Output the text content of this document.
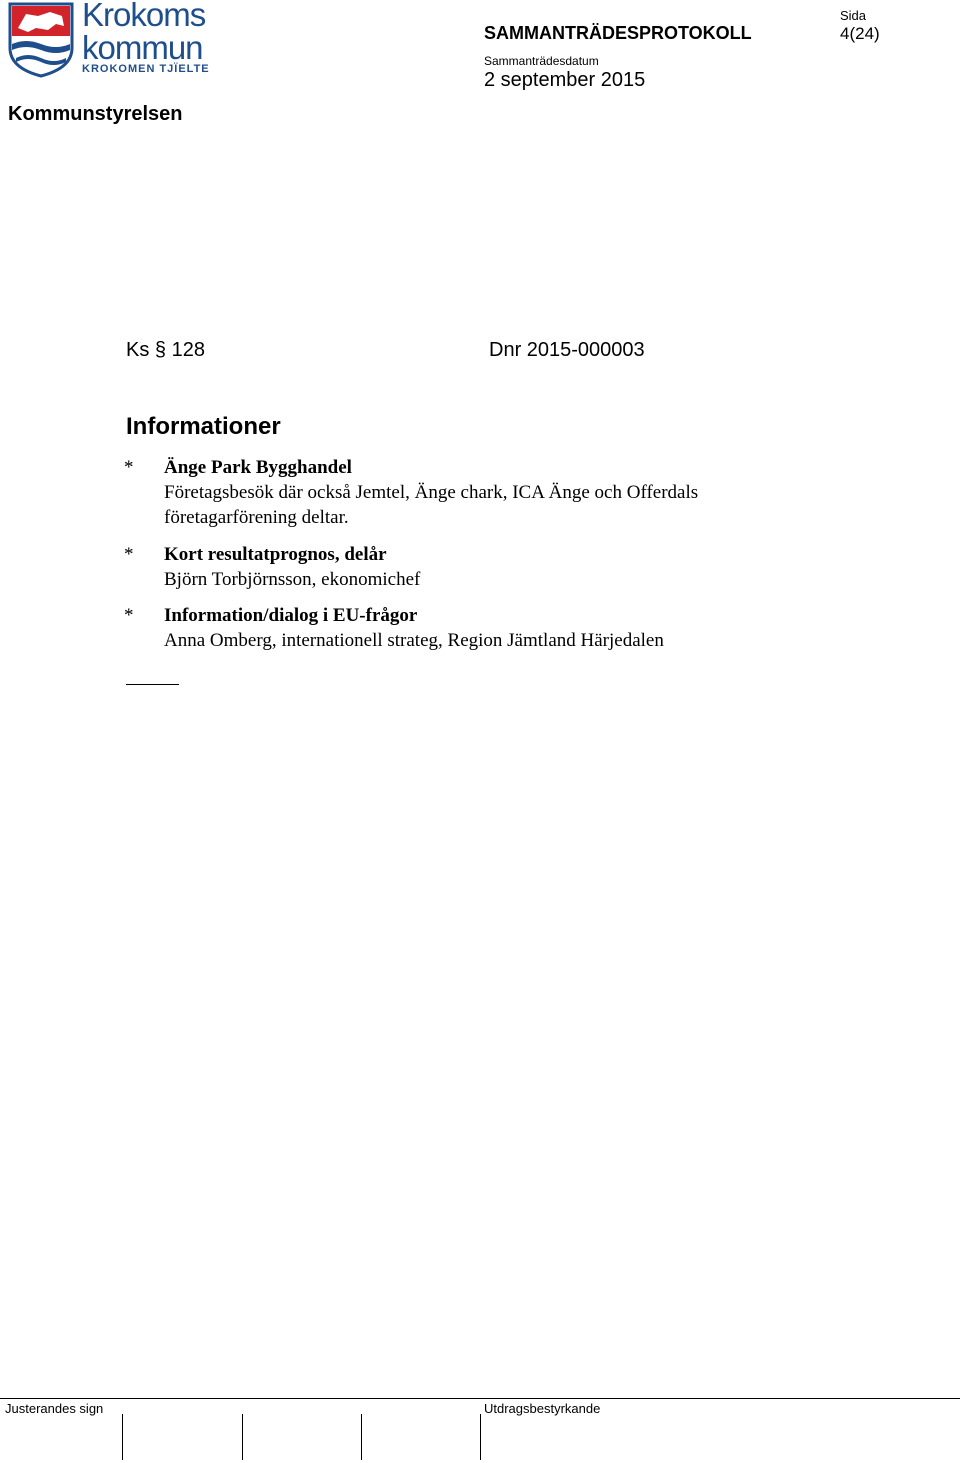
Krokoms
kommun
KROKOMEN TJÏELTE
Kommunstyrelsen
SAMMANTRÄDESPROTOKOLL
Sammanträdesdatum
2 september 2015
Sida
4(24)
Ks § 128	Dnr 2015-000003
Informationer
* Änge Park Bygghandel
Företagsbesök där också Jemtel, Änge chark, ICA Änge och Offerdals
företagarförening deltar.
* Kort resultatprognos, delår
Björn Torbjörnsson, ekonomichef
* Information/dialog i EU-frågor
Anna Omberg, internationell strateg, Region Jämtland Härjedalen
Justerandes sign	Utdragsbestyrkande
